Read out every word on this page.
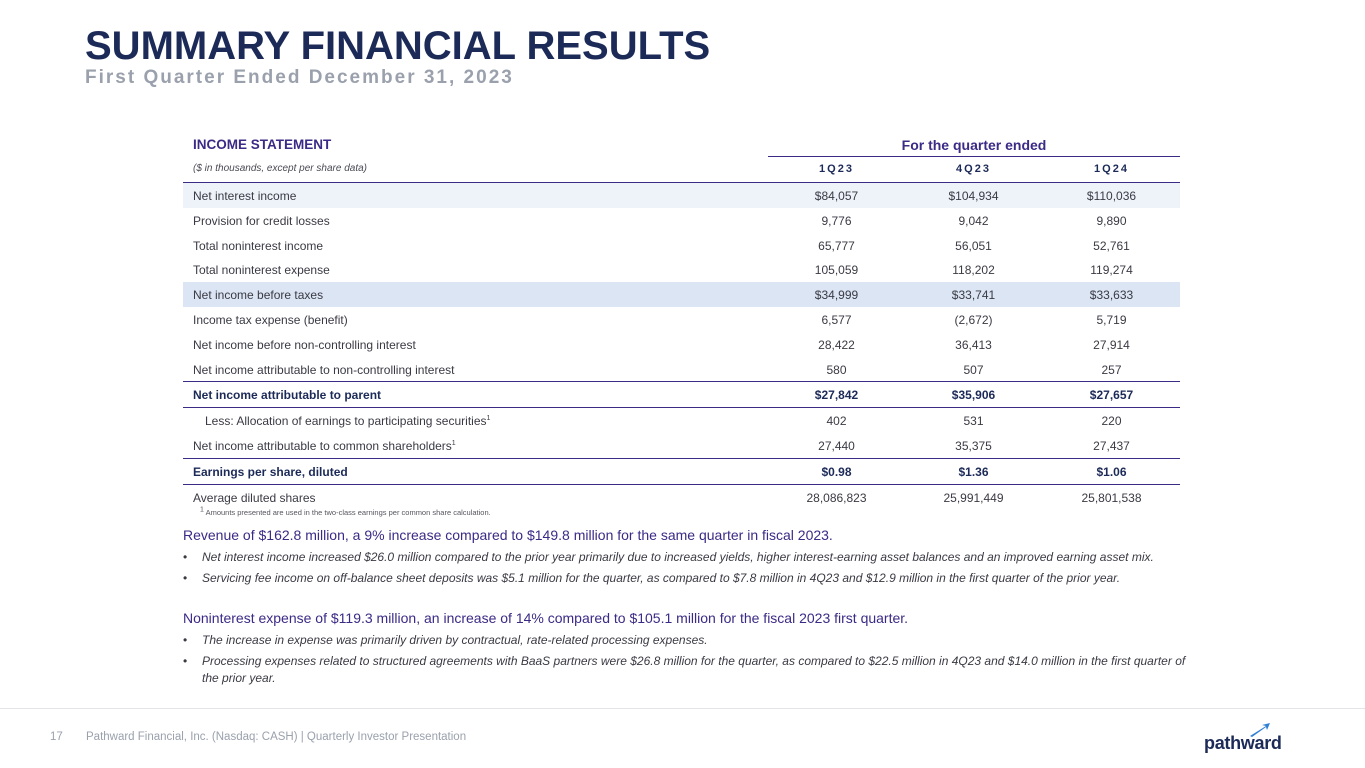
SUMMARY FINANCIAL RESULTS
First Quarter Ended December 31, 2023
INCOME STATEMENT	For the quarter ended
($ in thousands, except per share data)	1Q23	4Q23	1Q24
Net interest income	$84,057	$104,934	$110,036
Provision for credit losses	9,776	9,042	9,890
Total noninterest income	65,777	56,051	52,761
Total noninterest expense	105,059	118,202	119,274
Net income before taxes	$34,999	$33,741	$33,633
Income tax expense (benefit)	6,577	(2,672)	5,719
Net income before non-controlling interest	28,422	36,413	27,914
Net income attributable to non-controlling interest	580	507	257
Net income attributable to parent	$27,842	$35,906	$27,657
Less: Allocation of earnings to participating securities$^1$	402	531	220
Net income attributable to common shareholders$^1$	27,440	35,375	27,437
Earnings per share, diluted	$0.98	$1.36	$1.06
Average diluted shares	28,086,823	25,991,449	25,801,538
$^1$ Amounts presented are used in the two-class earnings per common share calculation.

Revenue of $162.8 million, a 9% increase compared to $149.8 million for the same quarter in fiscal 2023.

• Net interest income increased $26.0 million compared to the prior year primarily due to increased yields, higher interest-earning asset balances and an improved earning asset mix.
• Servicing fee income on off-balance sheet deposits was $5.1 million for the quarter, as compared to $7.8 million in 4Q23 and $12.9 million in the first quarter of the prior year.

Noninterest expense of $119.3 million, an increase of 14% compared to $105.1 million for the fiscal 2023 first quarter.

• The increase in expense was primarily driven by contractual, rate-related processing expenses.
• Processing expenses related to structured agreements with BaaS partners were $26.8 million for the quarter, as compared to $22.5 million in 4Q23 and $14.0 million in the first quarter of the prior year.
17 Pathward Financial, Inc. (Nasdaq: CASH) | Quarterly Investor Presentation	pathward
